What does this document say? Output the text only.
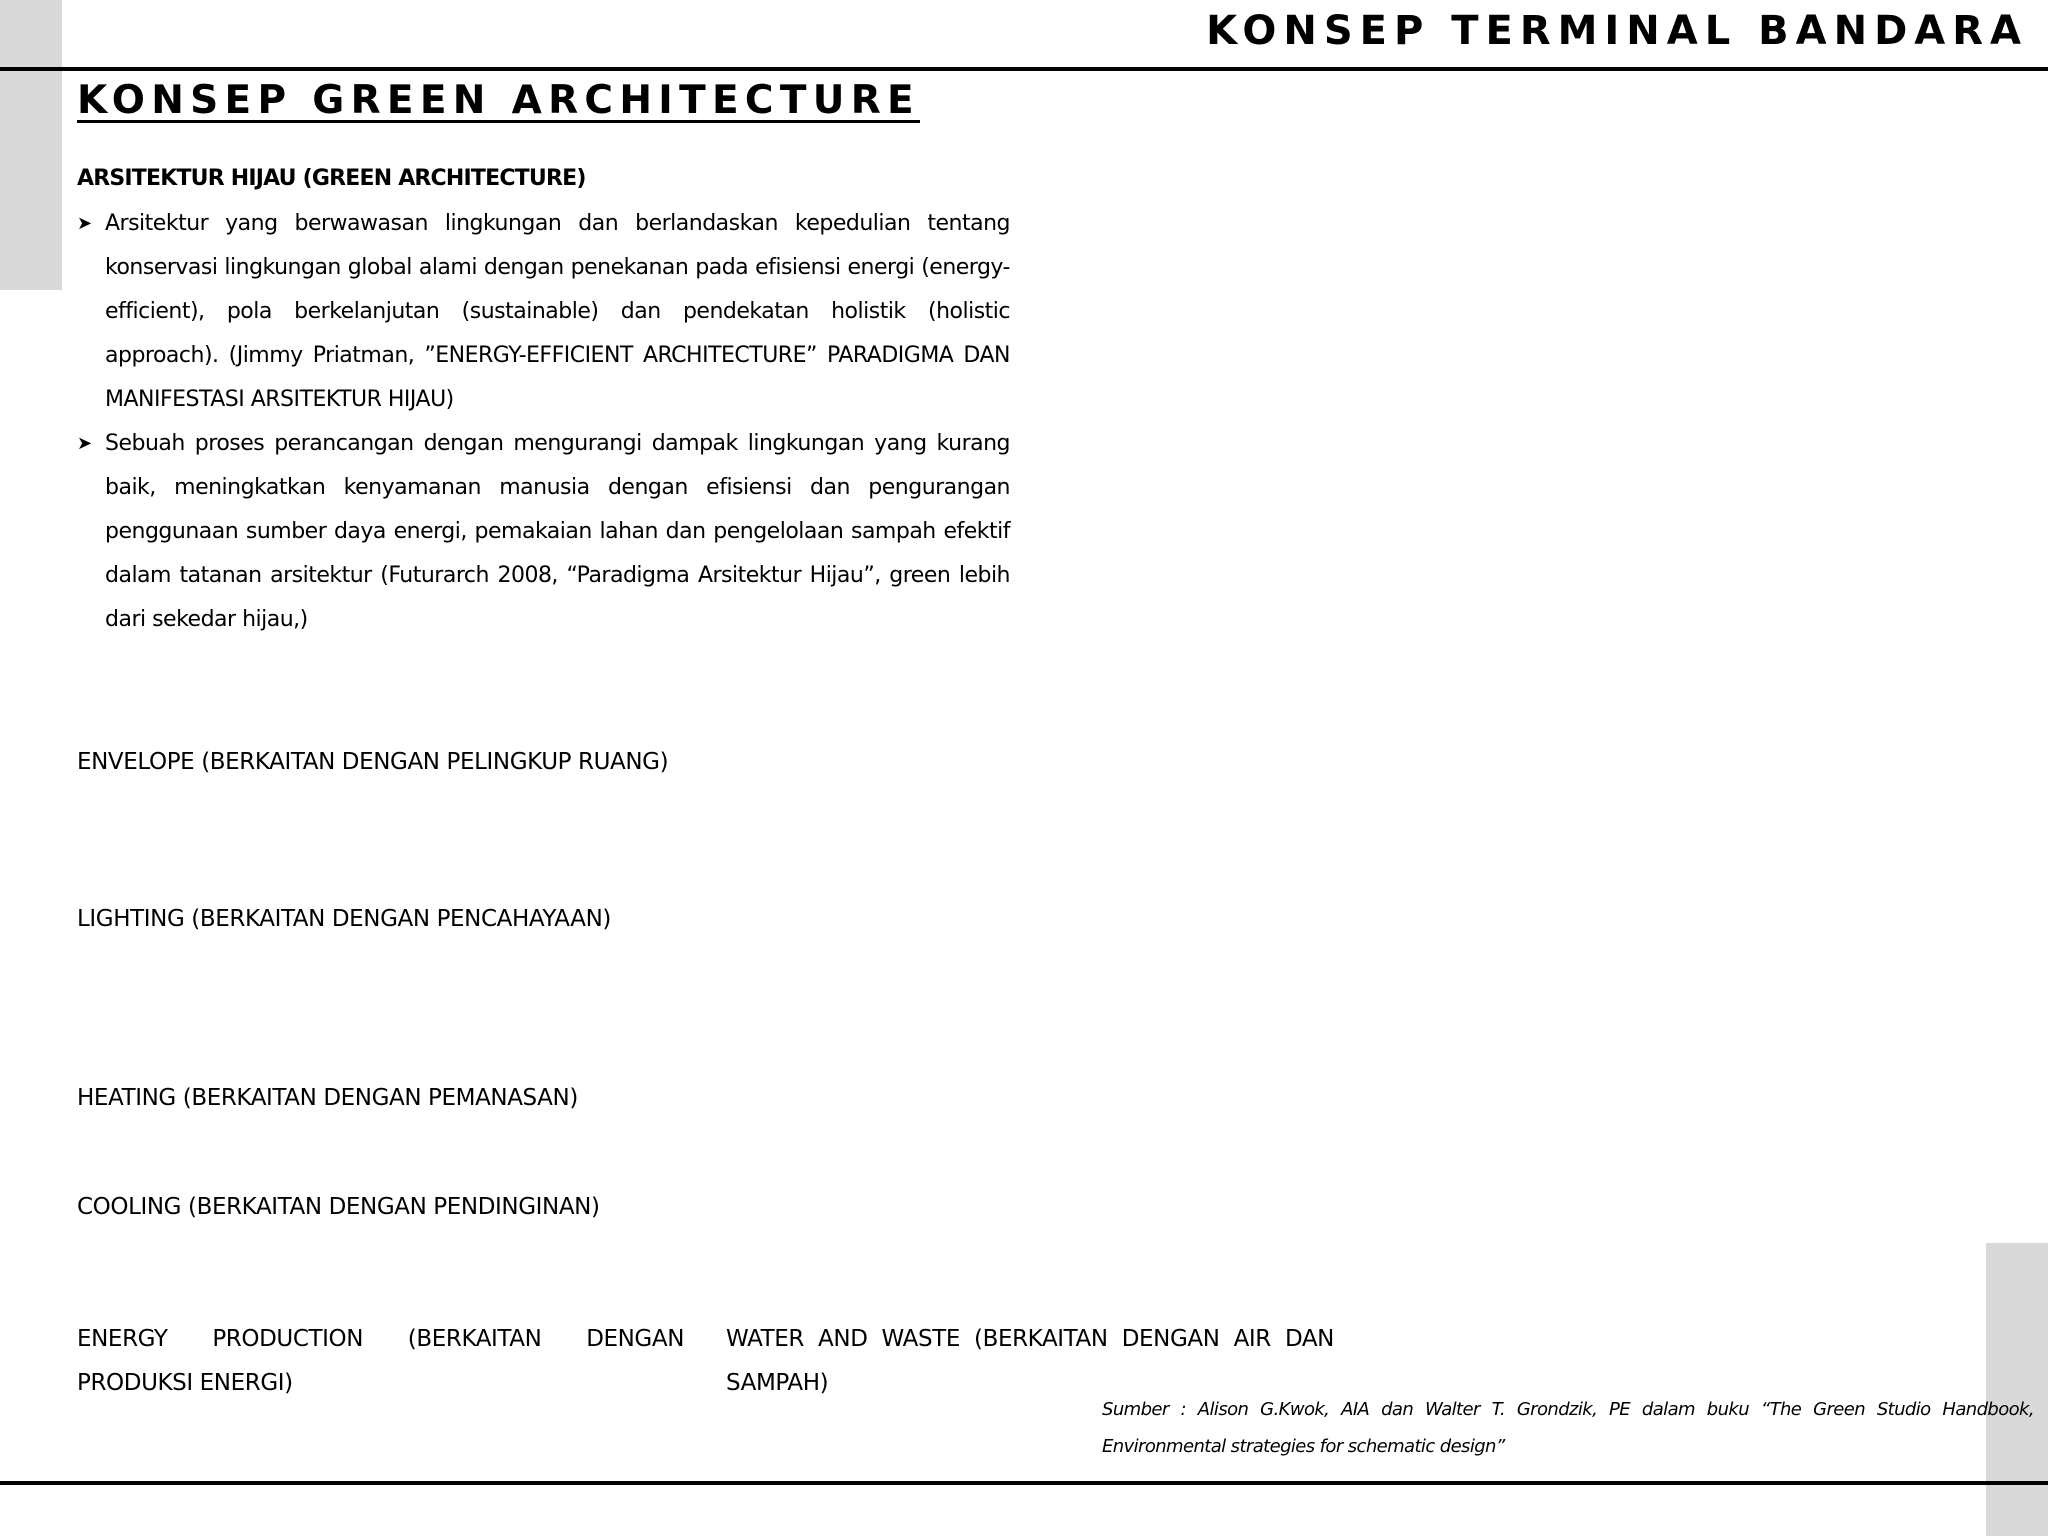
KONSEP TERMINAL BANDARA
KONSEP GREEN ARCHITECTURE
ARSITEKTUR HIJAU (GREEN ARCHITECTURE)
➤ Arsitektur yang berwawasan lingkungan dan berlandaskan kepedulian tentang konservasi lingkungan global alami dengan penekanan pada efisiensi energi (energy-efficient), pola berkelanjutan (sustainable) dan pendekatan holistik (holistic approach). (Jimmy Priatman, ”ENERGY-EFFICIENT ARCHITECTURE” PARADIGMA DAN MANIFESTASI ARSITEKTUR HIJAU)
➤ Sebuah proses perancangan dengan mengurangi dampak lingkungan yang kurang baik, meningkatkan kenyamanan manusia dengan efisiensi dan pengurangan penggunaan sumber daya energi, pemakaian lahan dan pengelolaan sampah efektif dalam tatanan arsitektur (Futurarch 2008, “Paradigma Arsitektur Hijau”, green lebih dari sekedar hijau,)
ENVELOPE (BERKAITAN DENGAN PELINGKUP RUANG)
LIGHTING (BERKAITAN DENGAN PENCAHAYAAN)
HEATING (BERKAITAN DENGAN PEMANASAN)
COOLING (BERKAITAN DENGAN PENDINGINAN)
ENERGY PRODUCTION (BERKAITAN DENGAN
PRODUKSI ENERGI)
WATER AND WASTE (BERKAITAN DENGAN AIR DAN
SAMPAH)
Sumber : Alison G.Kwok, AIA dan Walter T. Grondzik, PE dalam buku “The Green Studio Handbook, Environmental strategies for schematic design”
